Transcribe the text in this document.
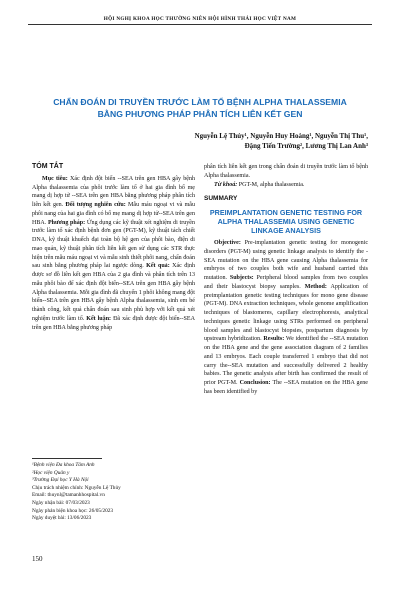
HỘI NGHỊ KHOA HỌC THƯỜNG NIÊN HỘI HÌNH THÁI HỌC VIỆT NAM
CHẨN ĐOÁN DI TRUYỀN TRƯỚC LÀM TỔ BỆNH ALPHA THALASSEMIA
BẰNG PHƯƠNG PHÁP PHÂN TÍCH LIÊN KẾT GEN
Nguyễn Lệ Thủy¹, Nguyễn Huy Hoàng¹, Nguyễn Thị Thu¹,
Đặng Tiến Trường², Lương Thị Lan Anh³
TÓM TẮT

Mục tiêu: Xác định đột biến --SEA trên gen HBA gây bệnh Alpha thalassemia của phôi trước làm tổ ở hai gia đình bố mẹ mang dị hợp tử --SEA trên gen HBA bằng phương pháp phân tích liên kết gen. Đối tượng nghiên cứu: Mẫu máu ngoại vi và mẫu phôi nang của hai gia đình có bố mẹ mang dị hợp tử--SEA trên gen HBA. Phương pháp: Ứng dụng các kỹ thuật xét nghiệm di truyền trước làm tổ xác định bệnh đơn gen (PGT-M), kỹ thuật tách chiết DNA, kỹ thuật khuếch đại toàn bộ hệ gen của phôi bào, điện di mao quản, kỹ thuật phân tích liên kết gen sử dụng các STR thực hiện trên mẫu máu ngoại vi và mẫu sinh thiết phôi nang, chẩn đoán sau sinh bằng phương pháp lai ngược dòng. Kết quả: Xác định được sơ đồ liên kết gen HBA của 2 gia đình và phân tích trên 13 mẫu phôi bào để xác định đột biến--SEA trên gen HBA gây bệnh Alpha thalassemia. Mỗi gia đình đã chuyển 1 phôi không mang đột biến--SEA trên gen HBA gây bệnh Alpha thalassemia, sinh em bé thành công, kết quả chẩn đoán sau sinh phù hợp với kết quả xét nghiệm trước làm tổ. Kết luận: Đã xác định được đột biến--SEA trên gen HBA bằng phương pháp

phân tích liên kết gen trong chẩn đoán di truyền trước làm tổ bệnh Alpha thalassemia.

Từ khoá: PGT-M, alpha thalassemia.

SUMMARY
PREIMPLANTATION GENETIC TESTING FOR ALPHA THALASSEMIA USING GENETIC LINKAGE ANALYSIS

Objective: Pre-implantation genetic testing for monogenic disorders (PGT-M) using genetic linkage analysis to identify the -SEA mutation on the HBA gene causing Alpha thalassemia for embryos of two couples both wife and husband carried this mutation. Subjects: Peripheral blood samples from two couples and their blastocyst biopsy samples. Method: Application of preimplantation genetic testing techniques for mono gene disease (PGT-M). DNA extraction techniques, whole genome amplification techniques of blastomeres, capillary electrophoresis, analytical techniques genetic linkage using STRs performed on peripheral blood samples and blastocyst biopsies, postpartum diagnosis by upstream hybridization. Results: We identified the --SEA mutation on the HBA gene and the gene association diagram of 2 families and 13 embryos. Each couple transferred 1 embryo that did not carry the--SEA mutation and successfully delivered 2 healthy babies. The genetic analysis after birth has confirmed the result of prior PGT-M. Conclusion: The --SEA mutation on the HBA gene has been identified by

¹Bệnh viện Đa khoa Tâm Anh
²Học viện Quân y
³Trường Đại học Y Hà Nội
Chịu trách nhiệm chính: Nguyễn Lệ Thủy
Email: thuynl@tamanhhospital.vn
Ngày nhận bài: 07/03/2023
Ngày phản biện khoa học: 26/05/2023
Ngày duyệt bài: 13/06/2023
150
